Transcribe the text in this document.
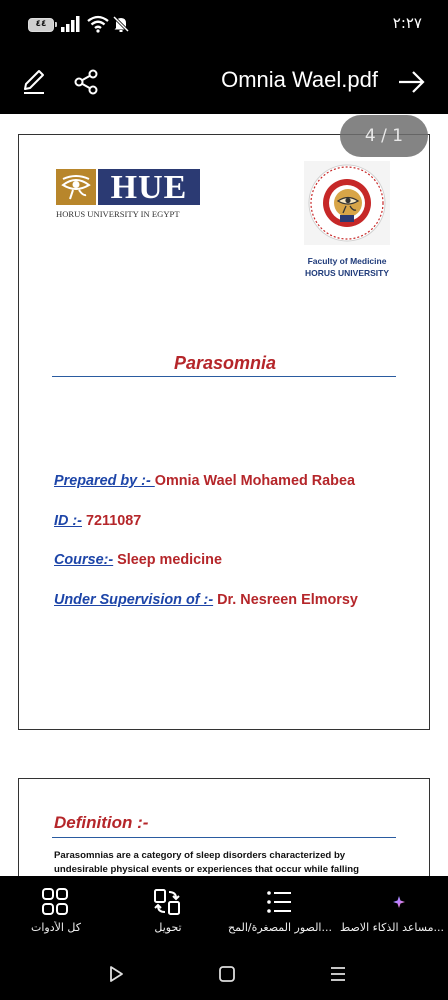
٤٤	٢:٢٧
Omnia Wael.pdf
HUE
HORUS UNIVERSITY IN EGYPT
Faculty of Medicine
HORUS UNIVERSITY
Parasomnia
Prepared by :- Omnia Wael Mohamed Rabea
ID :- 7211087
Course:- Sleep medicine
Under Supervision of :- Dr. Nesreen Elmorsy
Definition :-
Parasomnias are a category of sleep disorders characterized by undesirable physical events or experiences that occur while falling
4 / 1
مساعد الذكاء الاصط...
الصور المصغرة/المح...
تحويل
كل الأدوات
